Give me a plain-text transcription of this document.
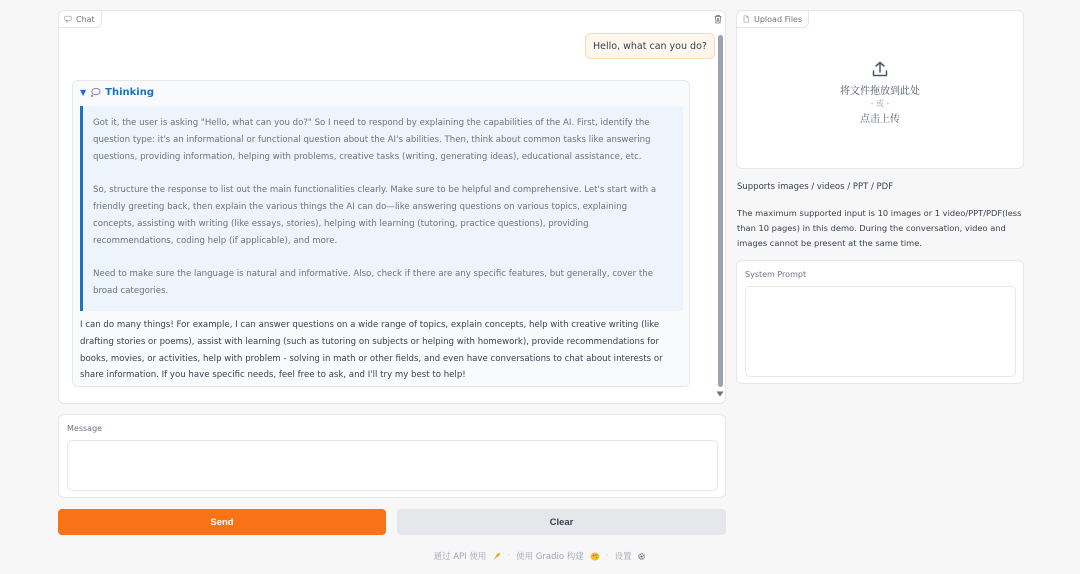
Chat
Hello, what can you do?
▼ Thinking

Got it, the user is asking "Hello, what can you do?" So I need to respond by explaining the capabilities of the AI. First, identify the question type: it's an informational or functional question about the AI's abilities. Then, think about common tasks like answering questions, providing information, helping with problems, creative tasks (writing, generating ideas), educational assistance, etc.

So, structure the response to list out the main functionalities clearly. Make sure to be helpful and comprehensive. Let's start with a friendly greeting back, then explain the various things the AI can do—like answering questions on various topics, explaining concepts, assisting with writing (like essays, stories), helping with learning (tutoring, practice questions), providing recommendations, coding help (if applicable), and more.

Need to make sure the language is natural and informative. Also, check if there are any specific features, but generally, cover the broad categories.

I can do many things! For example, I can answer questions on a wide range of topics, explain concepts, help with creative writing (like drafting stories or poems), assist with learning (such as tutoring on subjects or helping with homework), provide recommendations for books, movies, or activities, help with problem - solving in math or other fields, and even have conversations to chat about interests or share information. If you have specific needs, feel free to ask, and I'll try my best to help!
Message
Send	Clear
通过 API 使用 · 使用 Gradio 构建	· 设置
Upload Files
将文件拖放到此处
- 或 -
点击上传
Supports images / videos / PPT / PDF
The maximum supported input is 10 images or 1 video/PPT/PDF(less than 10 pages) in this demo. During the conversation, video and images cannot be present at the same time.
System Prompt
